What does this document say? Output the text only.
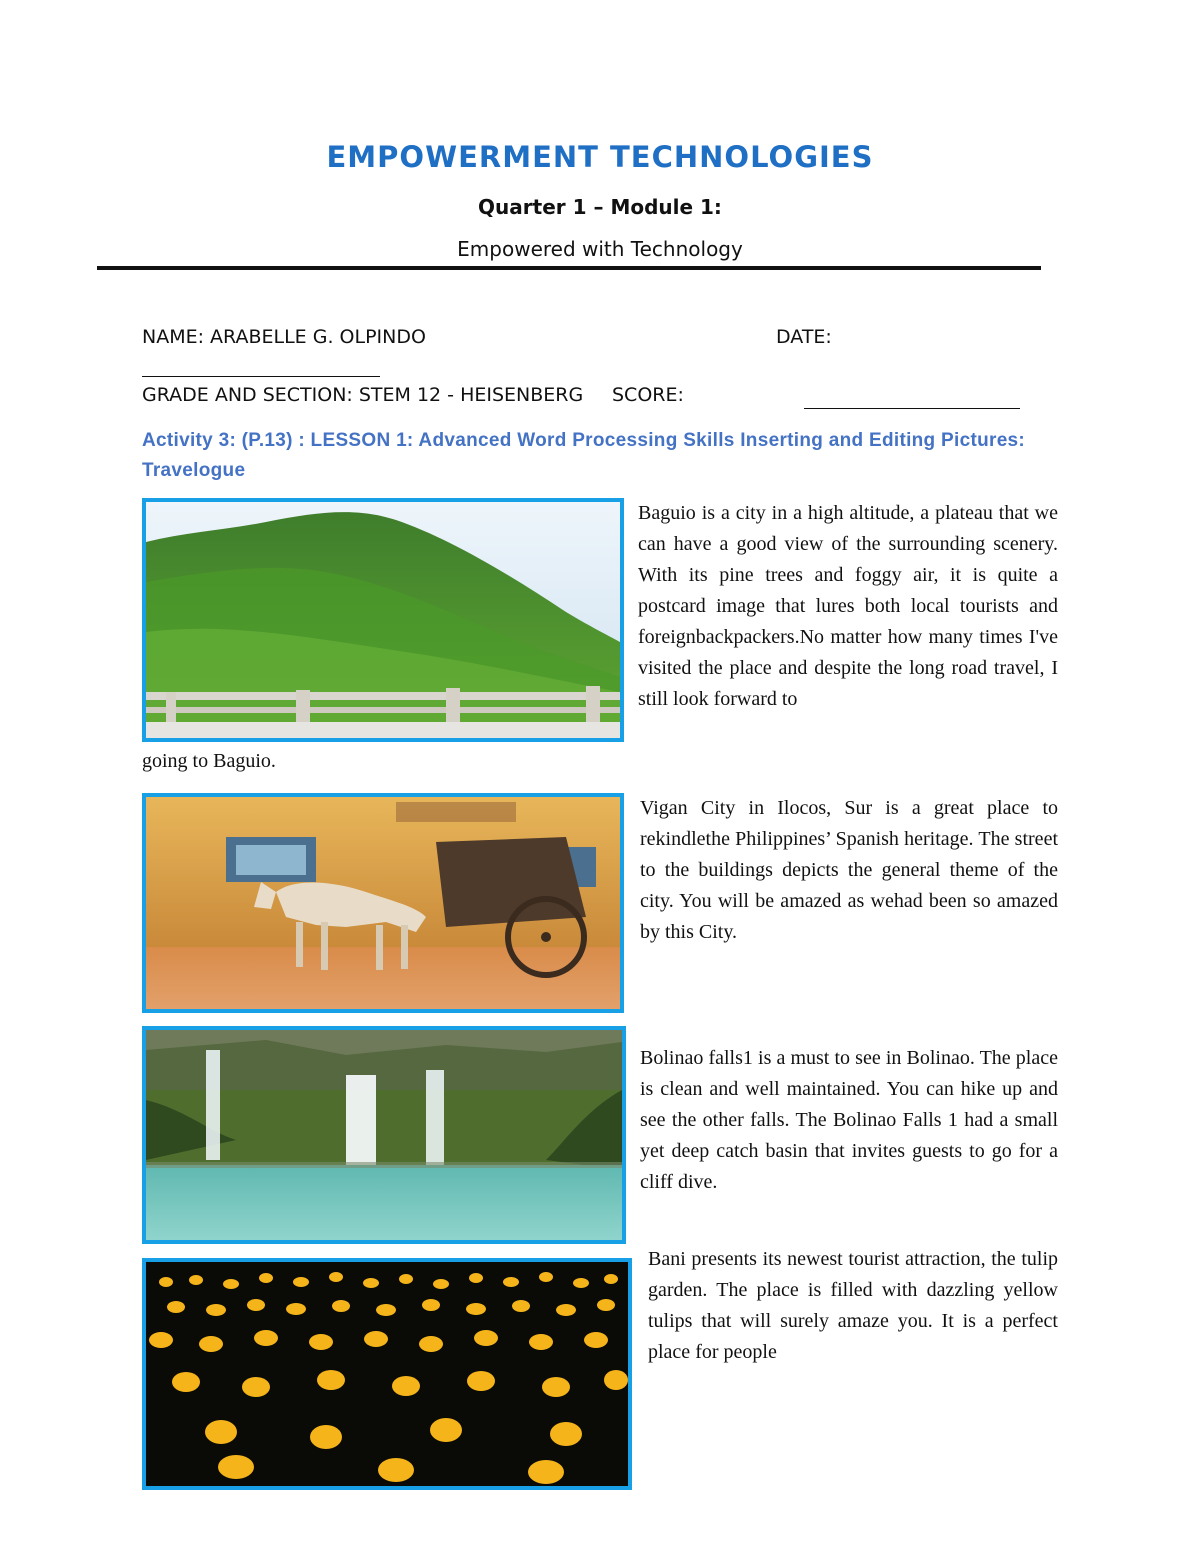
EMPOWERMENT TECHNOLOGIES
Quarter 1 – Module 1:
Empowered with Technology
NAME: ARABELLE G. OLPINDO	DATE:
GRADE AND SECTION: STEM 12 - HEISENBERG SCORE:
Activity 3: (P.13) : LESSON 1: Advanced Word Processing Skills Inserting and Editing Pictures: Travelogue
Baguio is a city in a high altitude, a plateau that we can have a good view of the surrounding scenery. With its pine trees and foggy air, it is quite a postcard image that lures both local tourists and foreignbackpackers.No matter how many times I've visited the place and despite the long road travel, I still look forward to
going to Baguio.
Vigan City in Ilocos, Sur is a great place to rekindlethe Philippines’ Spanish heritage. The street to the buildings depicts the general theme of the city. You will be amazed as wehad been so amazed by this City.
Bolinao falls1 is a must to see in Bolinao. The place is clean and well maintained. You can hike up and see the other falls. The Bolinao Falls 1 had a small yet deep catch basin that invites guests to go for a cliff dive.
Bani presents its newest tourist attraction, the tulip garden. The place is filled with dazzling yellow tulips that will surely amaze you. It is a perfect place for people
